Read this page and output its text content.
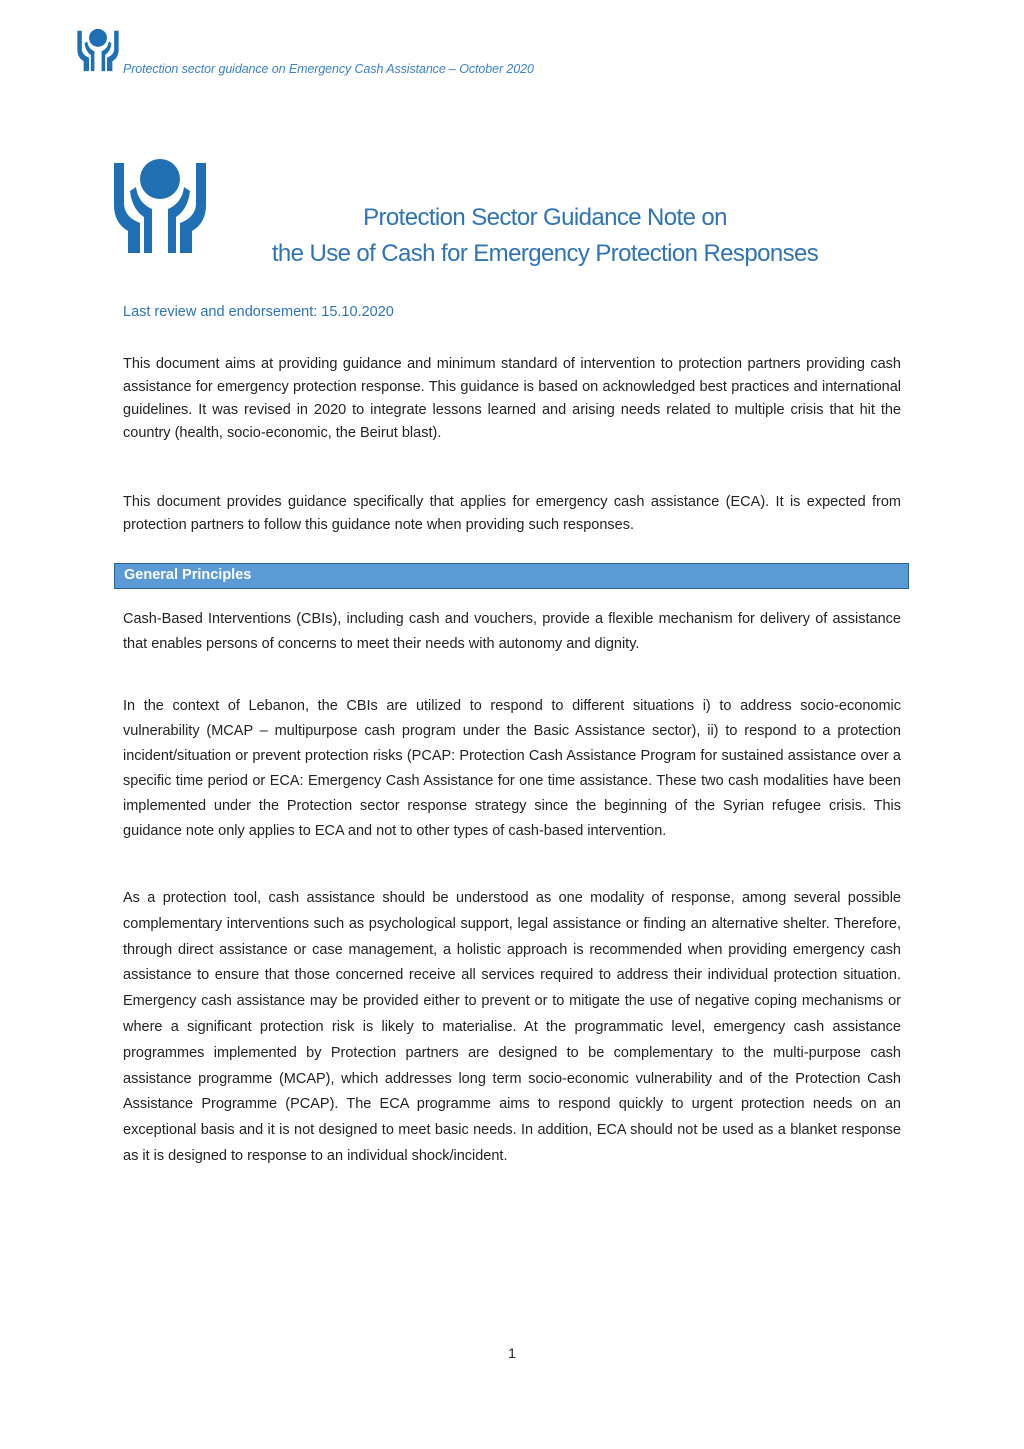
Protection sector guidance on Emergency Cash Assistance – October 2020
Protection Sector Guidance Note on
the Use of Cash for Emergency Protection Responses
Last review and endorsement: 15.10.2020

This document aims at providing guidance and minimum standard of intervention to protection partners providing cash assistance for emergency protection response. This guidance is based on acknowledged best practices and international guidelines. It was revised in 2020 to integrate lessons learned and arising needs related to multiple crisis that hit the country (health, socio-economic, the Beirut blast).

This document provides guidance specifically that applies for emergency cash assistance (ECA). It is expected from protection partners to follow this guidance note when providing such responses.

General Principles

Cash-Based Interventions (CBIs), including cash and vouchers, provide a flexible mechanism for delivery of assistance that enables persons of concerns to meet their needs with autonomy and dignity.

In the context of Lebanon, the CBIs are utilized to respond to different situations i) to address socio-economic vulnerability (MCAP – multipurpose cash program under the Basic Assistance sector), ii) to respond to a protection incident/situation or prevent protection risks (PCAP: Protection Cash Assistance Program for sustained assistance over a specific time period or ECA: Emergency Cash Assistance for one time assistance. These two cash modalities have been implemented under the Protection sector response strategy since the beginning of the Syrian refugee crisis. This guidance note only applies to ECA and not to other types of cash-based intervention.

As a protection tool, cash assistance should be understood as one modality of response, among several possible complementary interventions such as psychological support, legal assistance or finding an alternative shelter. Therefore, through direct assistance or case management, a holistic approach is recommended when providing emergency cash assistance to ensure that those concerned receive all services required to address their individual protection situation. Emergency cash assistance may be provided either to prevent or to mitigate the use of negative coping mechanisms or where a significant protection risk is likely to materialise. At the programmatic level, emergency cash assistance programmes implemented by Protection partners are designed to be complementary to the multi-purpose cash assistance programme (MCAP), which addresses long term socio-economic vulnerability and of the Protection Cash Assistance Programme (PCAP). The ECA programme aims to respond quickly to urgent protection needs on an exceptional basis and it is not designed to meet basic needs. In addition, ECA should not be used as a blanket response as it is designed to response to an individual shock/incident.

1
